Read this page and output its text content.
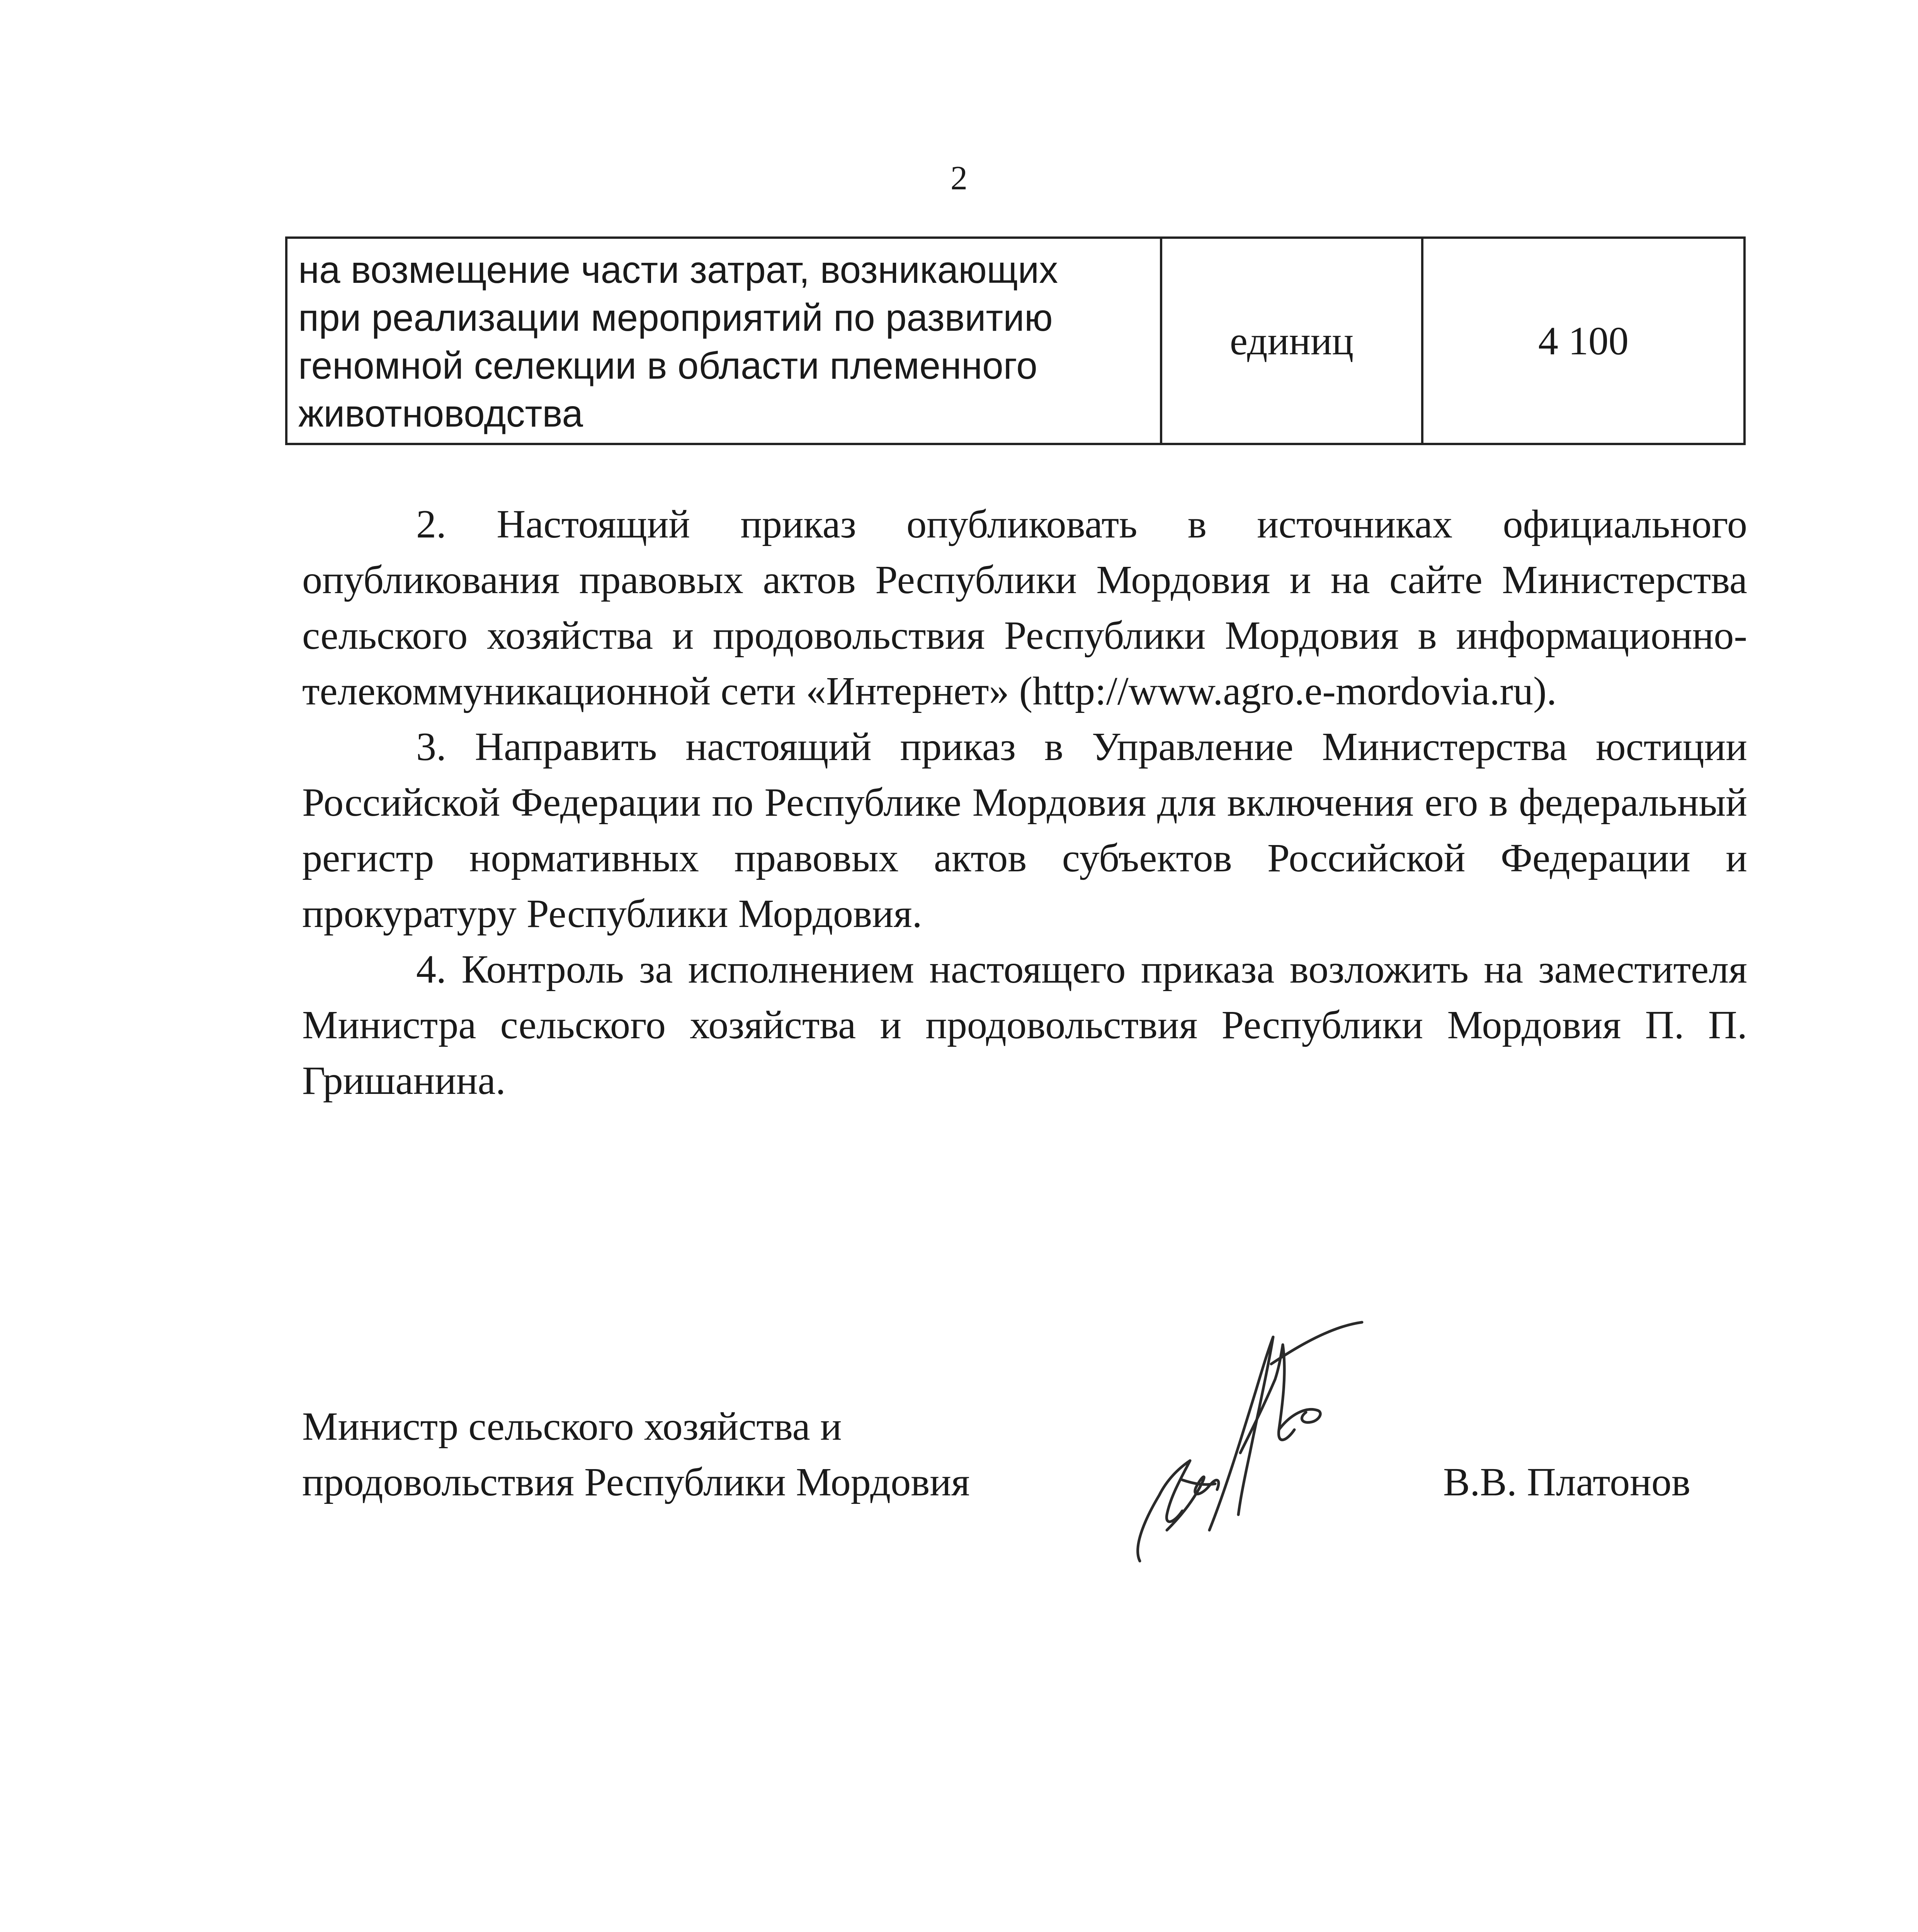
2
на возмещение части затрат, возникающих
при реализации мероприятий по развитию
геномной селекции в области племенного
животноводства
	единиц	4 100

2. Настоящий приказ опубликовать в источниках официального опубликования правовых актов Республики Мордовия и на сайте Министерства сельского хозяйства и продовольствия Республики Мордовия в информационно-телекоммуникационной сети «Интернет» (http://www.agro.e-mordovia.ru).

3. Направить настоящий приказ в Управление Министерства юстиции Российской Федерации по Республике Мордовия для включения его в федеральный регистр нормативных правовых актов субъектов Российской Федерации и прокуратуру Республики Мордовия.

4. Контроль за исполнением настоящего приказа возложить на заместителя Министра сельского хозяйства и продовольствия Республики Мордовия П. П. Гришанина.

Министр сельского хозяйства и
продовольствия Республики Мордовия	В.В. Платонов
